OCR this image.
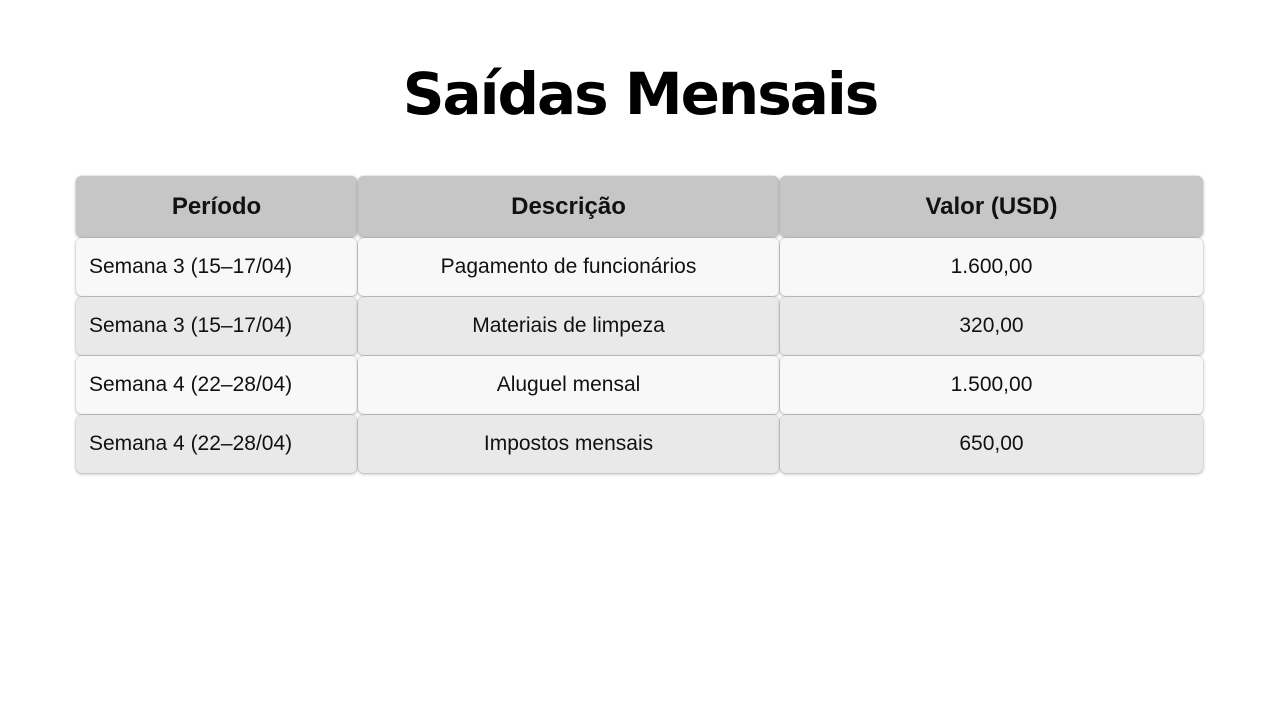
Saídas Mensais
Período	Descrição	Valor (USD)
Semana 3 (15–17/04)	Pagamento de funcionários	1.600,00
Semana 3 (15–17/04)	Materiais de limpeza	320,00
Semana 4 (22–28/04)	Aluguel mensal	1.500,00
Semana 4 (22–28/04)	Impostos mensais	650,00
